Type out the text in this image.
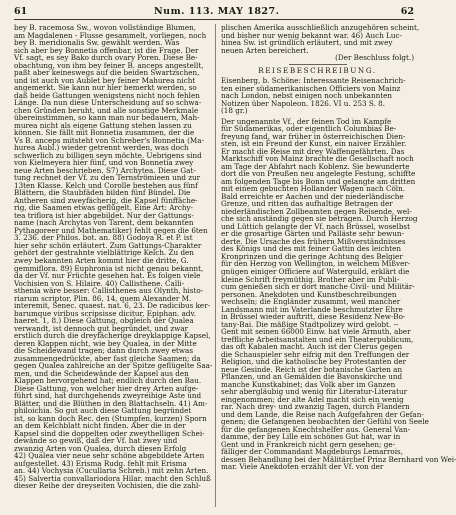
61	Num. 113. MAY 1827.	62
bey B. racemosa Sw., wovon vollständige Blumen,
am Magdalenen - Flusse gesammelt, vorliegen, noch
bey B. meridionalis Sw. gewählt werden. Was
sich aber bey Bonnetia offenbar, ist die Frage. Der
Vf. sagt, es sey Bako durch ovary Poren. Diese Be-
obachtung, von ihm bey feiner B. anceps angestellt,
paßt aber keineswegs auf die beiden Swartzschen,
und ist auch von Aublet bey feiner Mahurea nicht
angemerkt. Sie kann nur hier bemerkt werden, so
daß beide Gattungen wenigstens nicht noch fehlen
Länge. Da nun diese Unterscheidung auf so schwa-
chen Gründen beruht, und alle sonstige Merkmale
übereinstimmen, so kann man nur bedauern, Mah-
murea nicht als eigene Gattung stehen lassen zu
können. Sie fällt mit Bonnetia zusammen, der die
Vs B. anceps mitsteht von Schreber's Bonnetia (Ma-
hurea Aubl.) wieder getrennt werden, was doch
schwerlich zu billigen seyn möchte. Uebrigens sind
von Kielmeyera hier fünf, und von Bonnetia zwey
neue Arten beschrieben. S7) Archytea. Diese Gat-
tung rechnet der Vf. zu den Ternströmieen und zur
13ten Klasse. Kelch und Corolle bestehen aus fünf
Blättern, die Staubfäden bilden fünf Bündel. Die
Antheren sind zweyfächerig, die Kapsel fünffäche-
rig, die Saamen etwas geflügelt. Eine Art: Archy-
tea triflora ist hier abgebildet. Nur der Gattungs-
name (nach Archytas von Tarent, dem bekannten
Pythagoreer und Mathematiker) fehlt gegen die 6ten
3. 236. der Philos. bot. an. 88) Godoya R. et P. ist
hier sehr schön erläutert. Zum Gattungs-Charakter
gehört der gestrahnte vielblättrige Kelch. Zu den
zwey bekannten Arten kommt hier die dritte, G.
gemmiflora. 89) Euphronia ist nicht genau bekannt,
da der Vf. nur Früchte gesehen hat. Es folgen viele
Vochisien von S. Hilaire. 40) Callisthene. Calli-
sthenia wäre besser: Callisthenes aus Olynth, histo-
riarum scriptor, Plin. 86, 14, quem Alexander M.
interemit, Senec. quaest. nat. 6, 23. De radicibus ker-
barumque viribus scripsisse dicitur, Epiphan. adv.
haeret. 1, 8.) Diese Gattung, obgleich der Qualea
verwandt, ist dennoch gut begründet, und zwar
erstlich durch die dreyfächerige dreyklappige Kapsel,
deren Klappen nicht, wie bey Qualea, in der Mitte
die Scheidewand tragen; dann durch zwey etwas
zusammengedrückte, aber fast gleiche Saamen; da
gegen Qualea zahlreiche an der Spitze geflügelte Saa-
men, und die Scheidewände der Kapsel aus den
Klappen hervorgehend hat; endlich durch den Bau.
Diese Gattung, von welcher hier drey Arten aufge-
führt sind, hat durchgehends zweyreihige Aste und
Blätter, und die Blüthen in den Blattachseln. 41) Am-
philoichia. So gut auch diese Gattung begründet
ist, so kann doch Rec. den (Stumpfen, kurzen) Sporn
an dem Kelchblatt nicht finden. Aber die in der
Kapsel sind die doppelten oder zweythelligen Schei-
dewände so gewiß, daß der Vf. hat zwey und
zwanzig Arten von Qualea, durch diesen Erfolg
42) Qualea vier neue sehr schöne abgebildete Arten
aufgestellet. 43) Erisma Rudg. fehlt mit Erisma
an. 44) Vochysia (Cucullaria Schreb.) mit zehn Arten.
45) Salvertia convallariodora Hilar. macht den Schluß
dieser Reihe der dreyseiten Vochisien, die die zahl-
plischen Amerika ausschließlich anzugehören scheint,
und bisher nur wenig bekannt war. 46) Auch Luc-
hinea Sw. ist gründlich erläutert, und mit zwey
neuen Arten bereichert.
(Der Beschluss folgt.)
REISEBESCHREIBUNG.
Eisenberg, b. Schöne: Interessante Reisenachrich-
ten einer südamerikanischen Officiers von Mainz
nach London, nebst einigen noch unbekannten
Notizen über Napoleon. 1826. VI u. 253 S. 8.
(18 gr.)
Der ungenannte Vf., der feinen Tod im Kampfe
für Südamerikas, oder eigentlich Columbias Be-
freyung fand, war früher in österreichischen Dien-
sten, ist ein Freund der Kunst, ein naiver Erzähler.
Er macht die Reise mit drey Waffengefährten. Das
Marktschiff von Mainz brachte die Gesellschaft noch
am Tage der Abfahrt nach Koblenz. Sie bewunderte
dort die von Preußen neu angelegte Festung, schiffte
am folgenden Tage bis Bonn und gelangte am dritten
mit einem gebuchten Hollander Wagen nach Cöln.
Bald erreichte er Aachen und der niederländische
Grenze, und ritten das aufhaltige Betragen der
niederländischen Zollbeamten gegen Reisende, wel-
che sich anständig gegen sie betragen. Durch Herzog
und Lüttich gelangte der Vf. nach Brüssel, woselbst
er die grosartige Gärten und Palläste sehr bewun-
derte. Die Ursache des frühern Mißverständnisses
des Königs und des mit feiner Gattin des leichten
Kronprinzen und die geringe Achtung des Belgier
für den Herzog von Wellington, in welchem Mißver-
gnügen einiger Officiere auf Waterguild, erklärt die
kleine Schrift freymüthig. Brother aber im Publi-
cum genießen sich er dort manche Civil- und Militär-
personen. Anekdoten und Kunstbeschreibungen
wechseln; die Engländer zusammt, weil mancher
Landsmann mit im Vaterlande beschmutzter Ehre
in Brüssel wieder auftritt, diese Residenz New-Bo-
tany-Bai. Die mäßige Stadtpolizey wird gelobt. --
Gent mit seinen 66000 Einw. hat viele Armuth, aber
treffliche Arbeitsanstalten und ein Theaterpublicum,
das oft Kabalen macht. Auch ist der Clerus gegen
die Schauspieler sehr eifrig mit den Treffungen der
Religion, und die katholische bey Protestanten der
neue Gesinde. Reich ist der botanische Garten an
Pflanzen, und an Gemälden die Bavonskirche und
manche Kunstkabinet; das Volk aber im Ganzen
sehr abergläubig und wenig für Literatur-Literatur
eingenommen; der alte Adel macht sich ein wenig
rar. Nach drey- und zwanzig Tagen, durch Flandern
und dem Lande, die Reise nach Aufgefahren der Gefan-
genen; die Gefangenen beobachten der Gefühl von Seele
für die gefangenen Knechtshelfer aus. General Van-
damme, der bey Lille ein schönes Gut hat, war in
Gent und in Frankreich nicht gern gesehen; ge-
fälliger der Commandant Magdeburgs Lemarrois,
dessen Behandlung bei der Mälitärchef Prinz Bernhard von Wei-
mar. Viele Anekdoten erzählt der Vf. von der
